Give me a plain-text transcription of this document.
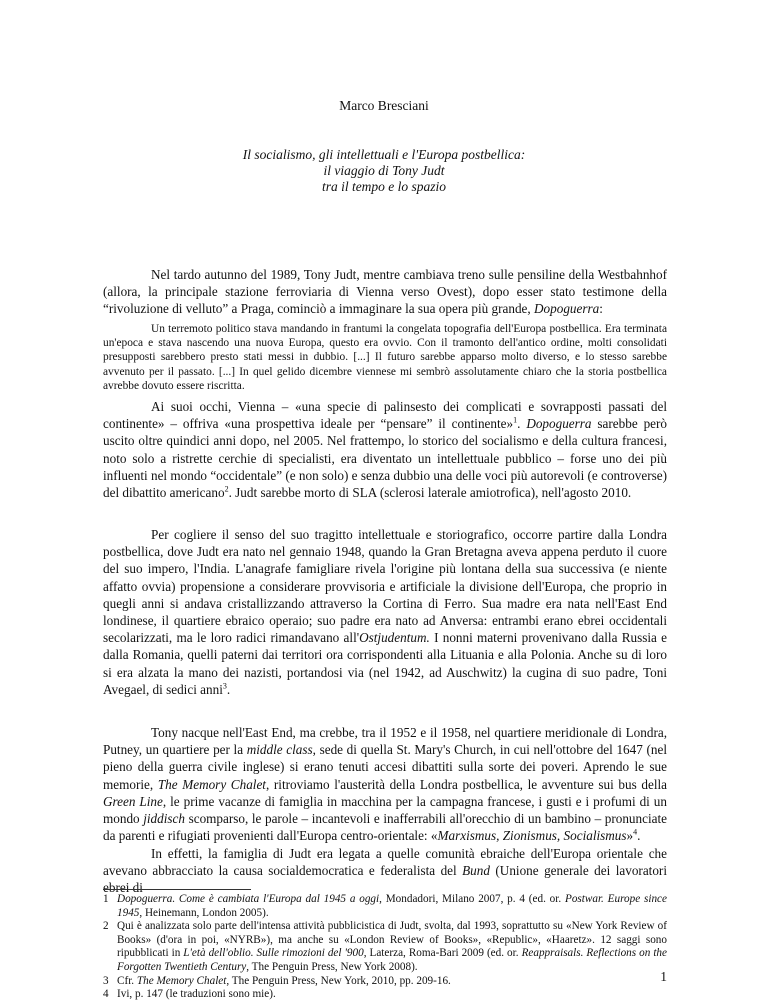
Marco Bresciani
Il socialismo, gli intellettuali e l'Europa postbellica:
il viaggio di Tony Judt
tra il tempo e lo spazio

Nel tardo autunno del 1989, Tony Judt, mentre cambiava treno sulle pensiline della Westbahnhof (allora, la principale stazione ferroviaria di Vienna verso Ovest), dopo esser stato testimone della “rivoluzione di velluto” a Praga, cominciò a immaginare la sua opera più grande, Dopoguerra:

Un terremoto politico stava mandando in frantumi la congelata topografia dell'Europa postbellica. Era terminata un'epoca e stava nascendo una nuova Europa, questo era ovvio. Con il tramonto dell'antico ordine, molti consolidati presupposti sarebbero presto stati messi in dubbio. [...] Il futuro sarebbe apparso molto diverso, e lo stesso sarebbe avvenuto per il passato. [...] In quel gelido dicembre viennese mi sembrò assolutamente chiaro che la storia postbellica avrebbe dovuto essere riscritta.

Ai suoi occhi, Vienna – «una specie di palinsesto dei complicati e sovrapposti passati del continente» – offriva «una prospettiva ideale per “pensare” il continente»$^1$. Dopoguerra sarebbe però uscito oltre quindici anni dopo, nel 2005. Nel frattempo, lo storico del socialismo e della cultura francesi, noto solo a ristrette cerchie di specialisti, era diventato un intellettuale pubblico – forse uno dei più influenti nel mondo “occidentale” (e non solo) e senza dubbio una delle voci più autorevoli (e controverse) del dibattito americano$^2$. Judt sarebbe morto di SLA (sclerosi laterale amiotrofica), nell'agosto 2010.

Per cogliere il senso del suo tragitto intellettuale e storiografico, occorre partire dalla Londra postbellica, dove Judt era nato nel gennaio 1948, quando la Gran Bretagna aveva appena perduto il cuore del suo impero, l'India. L'anagrafe famigliare rivela l'origine più lontana della sua successiva (e niente affatto ovvia) propensione a considerare provvisoria e artificiale la divisione dell'Europa, che proprio in quegli anni si andava cristallizzando attraverso la Cortina di Ferro. Sua madre era nata nell'East End londinese, il quartiere ebraico operaio; suo padre era nato ad Anversa: entrambi erano ebrei occidentali secolarizzati, ma le loro radici rimandavano all'Ostjudentum. I nonni materni provenivano dalla Russia e dalla Romania, quelli paterni dai territori ora corrispondenti alla Lituania e alla Polonia. Anche su di loro si era alzata la mano dei nazisti, portandosi via (nel 1942, ad Auschwitz) la cugina di suo padre, Toni Avegael, di sedici anni$^3$.

Tony nacque nell'East End, ma crebbe, tra il 1952 e il 1958, nel quartiere meridionale di Londra, Putney, un quartiere per la middle class, sede di quella St. Mary's Church, in cui nell'ottobre del 1647 (nel pieno della guerra civile inglese) si erano tenuti accesi dibattiti sulla sorte dei poveri. Aprendo le sue memorie, The Memory Chalet, ritroviamo l'austerità della Londra postbellica, le avventure sui bus della Green Line, le prime vacanze di famiglia in macchina per la campagna francese, i gusti e i profumi di un mondo jiddisch scomparso, le parole – incantevoli e inafferrabili all'orecchio di un bambino – pronunciate da parenti e rifugiati provenienti dall'Europa centro-orientale: «Marxismus, Zionismus, Socialismus»$^4$.

In effetti, la famiglia di Judt era legata a quelle comunità ebraiche dell'Europa orientale che avevano abbracciato la causa socialdemocratica e federalista del Bund (Unione generale dei lavoratori ebrei di

1 Dopoguerra. Come è cambiata l'Europa dal 1945 a oggi, Mondadori, Milano 2007, p. 4 (ed. or. Postwar. Europe since 1945, Heinemann, London 2005).
2 Qui è analizzata solo parte dell'intensa attività pubblicistica di Judt, svolta, dal 1993, soprattutto su «New York Review of Books» (d'ora in poi, «NYRB»), ma anche su «London Review of Books», «Republic», «Haaretz». 12 saggi sono ripubblicati in L'età dell'oblio. Sulle rimozioni del '900, Laterza, Roma-Bari 2009 (ed. or. Reappraisals. Reflections on the Forgotten Twentieth Century, The Penguin Press, New York 2008).
3 Cfr. The Memory Chalet, The Penguin Press, New York, 2010, pp. 209-16.
4 Ivi, p. 147 (le traduzioni sono mie).
1
